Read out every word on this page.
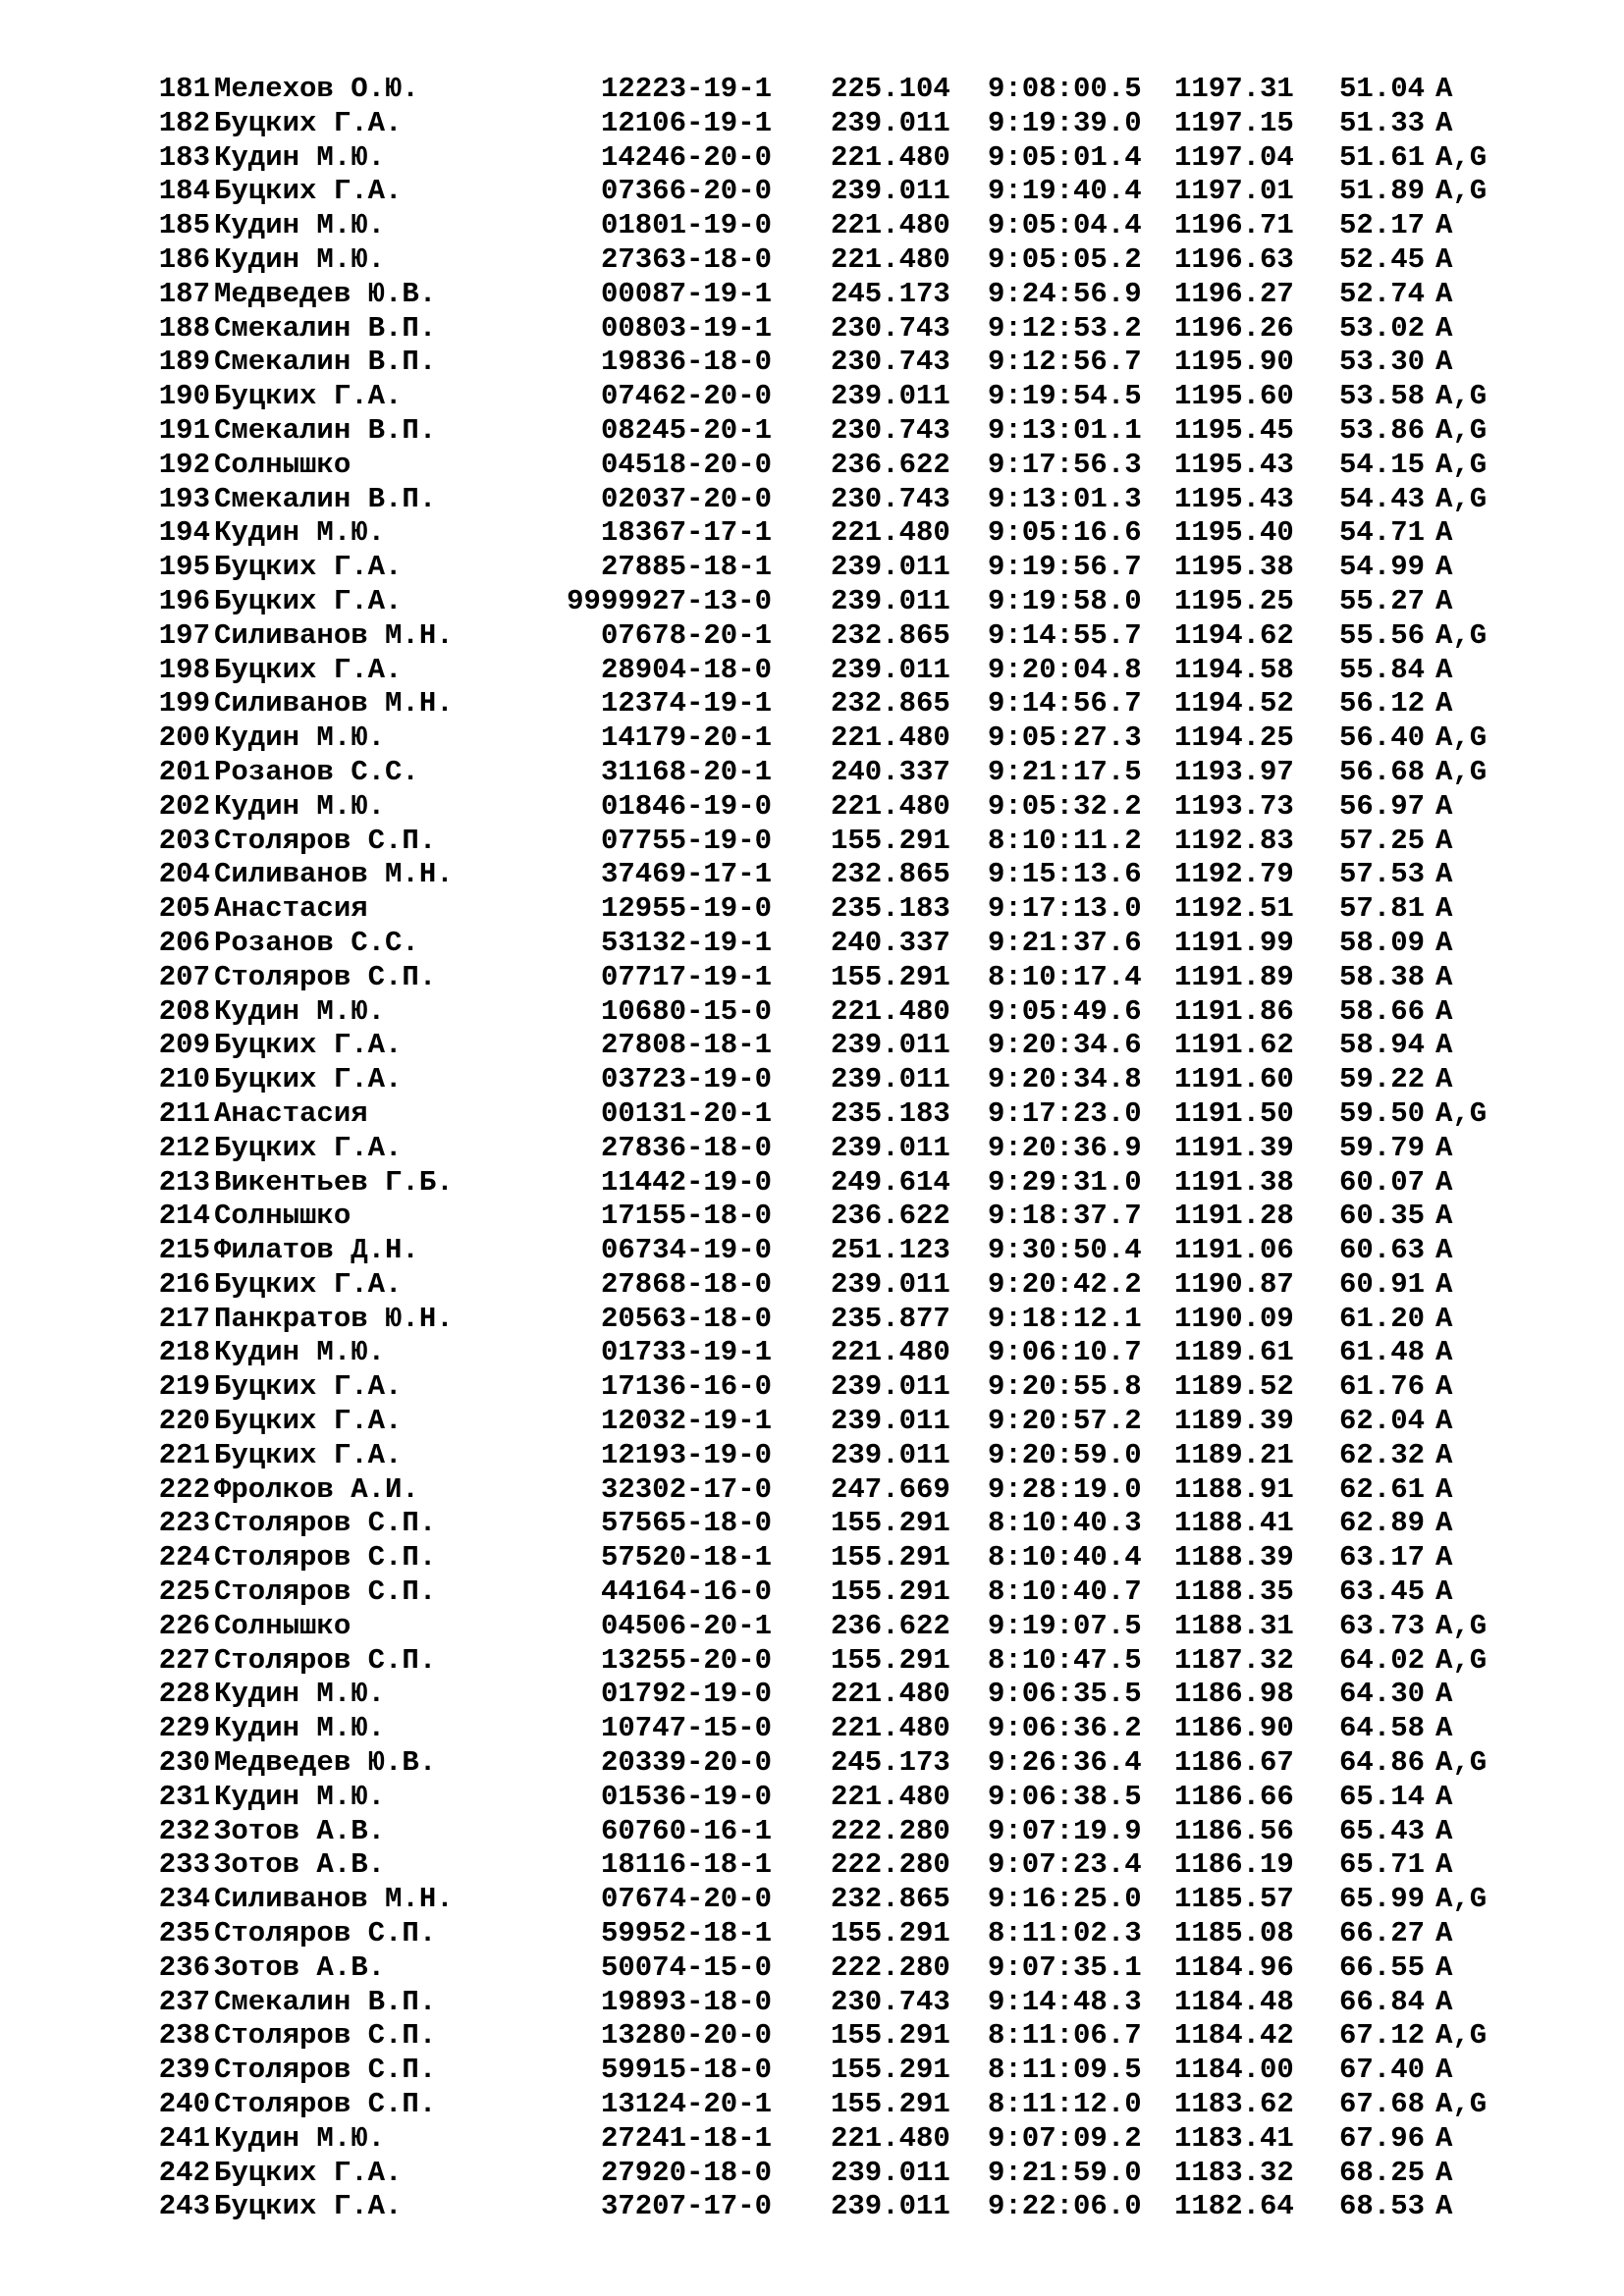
181 Мелехов О.Ю.	12223-19-1 225.104 9:08:00.5 1197.31 51.04 A
182 Буцких Г.А.	12106-19-1 239.011 9:19:39.0 1197.15 51.33 A
183 Кудин М.Ю.	14246-20-0 221.480 9:05:01.4 1197.04 51.61 A,G
184 Буцких Г.А.	07366-20-0 239.011 9:19:40.4 1197.01 51.89 A,G
185 Кудин М.Ю.	01801-19-0 221.480 9:05:04.4 1196.71 52.17 A
186 Кудин М.Ю.	27363-18-0 221.480 9:05:05.2 1196.63 52.45 A
187 Медведев Ю.В.	00087-19-1 245.173 9:24:56.9 1196.27 52.74 A
188 Смекалин В.П.	00803-19-1 230.743 9:12:53.2 1196.26 53.02 A
189 Смекалин В.П.	19836-18-0 230.743 9:12:56.7 1195.90 53.30 A
190 Буцких Г.А.	07462-20-0 239.011 9:19:54.5 1195.60 53.58 A,G
191 Смекалин В.П.	08245-20-1 230.743 9:13:01.1 1195.45 53.86 A,G
192 Солнышко	04518-20-0 236.622 9:17:56.3 1195.43 54.15 A,G
193 Смекалин В.П.	02037-20-0 230.743 9:13:01.3 1195.43 54.43 A,G
194 Кудин М.Ю.	18367-17-1 221.480 9:05:16.6 1195.40 54.71 A
195 Буцких Г.А.	27885-18-1 239.011 9:19:56.7 1195.38 54.99 A
196 Буцких Г.А.	9999927-13-0 239.011 9:19:58.0 1195.25 55.27 A
197 Силиванов М.Н.	07678-20-1 232.865 9:14:55.7 1194.62 55.56 A,G
198 Буцких Г.А.	28904-18-0 239.011 9:20:04.8 1194.58 55.84 A
199 Силиванов М.Н.	12374-19-1 232.865 9:14:56.7 1194.52 56.12 A
200 Кудин М.Ю.	14179-20-1 221.480 9:05:27.3 1194.25 56.40 A,G
201 Розанов С.С.	31168-20-1 240.337 9:21:17.5 1193.97 56.68 A,G
202 Кудин М.Ю.	01846-19-0 221.480 9:05:32.2 1193.73 56.97 A
203 Столяров С.П.	07755-19-0 155.291 8:10:11.2 1192.83 57.25 A
204 Силиванов М.Н.	37469-17-1 232.865 9:15:13.6 1192.79 57.53 A
205 Анастасия	12955-19-0 235.183 9:17:13.0 1192.51 57.81 A
206 Розанов С.С.	53132-19-1 240.337 9:21:37.6 1191.99 58.09 A
207 Столяров С.П.	07717-19-1 155.291 8:10:17.4 1191.89 58.38 A
208 Кудин М.Ю.	10680-15-0 221.480 9:05:49.6 1191.86 58.66 A
209 Буцких Г.А.	27808-18-1 239.011 9:20:34.6 1191.62 58.94 A
210 Буцких Г.А.	03723-19-0 239.011 9:20:34.8 1191.60 59.22 A
211 Анастасия	00131-20-1 235.183 9:17:23.0 1191.50 59.50 A,G
212 Буцких Г.А.	27836-18-0 239.011 9:20:36.9 1191.39 59.79 A
213 Викентьев Г.Б.	11442-19-0 249.614 9:29:31.0 1191.38 60.07 A
214 Солнышко	17155-18-0 236.622 9:18:37.7 1191.28 60.35 A
215 Филатов Д.Н.	06734-19-0 251.123 9:30:50.4 1191.06 60.63 A
216 Буцких Г.А.	27868-18-0 239.011 9:20:42.2 1190.87 60.91 A
217 Панкратов Ю.Н.	20563-18-0 235.877 9:18:12.1 1190.09 61.20 A
218 Кудин М.Ю.	01733-19-1 221.480 9:06:10.7 1189.61 61.48 A
219 Буцких Г.А.	17136-16-0 239.011 9:20:55.8 1189.52 61.76 A
220 Буцких Г.А.	12032-19-1 239.011 9:20:57.2 1189.39 62.04 A
221 Буцких Г.А.	12193-19-0 239.011 9:20:59.0 1189.21 62.32 A
222 Фролков А.И.	32302-17-0 247.669 9:28:19.0 1188.91 62.61 A
223 Столяров С.П.	57565-18-0 155.291 8:10:40.3 1188.41 62.89 A
224 Столяров С.П.	57520-18-1 155.291 8:10:40.4 1188.39 63.17 A
225 Столяров С.П.	44164-16-0 155.291 8:10:40.7 1188.35 63.45 A
226 Солнышко	04506-20-1 236.622 9:19:07.5 1188.31 63.73 A,G
227 Столяров С.П.	13255-20-0 155.291 8:10:47.5 1187.32 64.02 A,G
228 Кудин М.Ю.	01792-19-0 221.480 9:06:35.5 1186.98 64.30 A
229 Кудин М.Ю.	10747-15-0 221.480 9:06:36.2 1186.90 64.58 A
230 Медведев Ю.В.	20339-20-0 245.173 9:26:36.4 1186.67 64.86 A,G
231 Кудин М.Ю.	01536-19-0 221.480 9:06:38.5 1186.66 65.14 A
232 Зотов А.В.	60760-16-1 222.280 9:07:19.9 1186.56 65.43 A
233 Зотов А.В.	18116-18-1 222.280 9:07:23.4 1186.19 65.71 A
234 Силиванов М.Н.	07674-20-0 232.865 9:16:25.0 1185.57 65.99 A,G
235 Столяров С.П.	59952-18-1 155.291 8:11:02.3 1185.08 66.27 A
236 Зотов А.В.	50074-15-0 222.280 9:07:35.1 1184.96 66.55 A
237 Смекалин В.П.	19893-18-0 230.743 9:14:48.3 1184.48 66.84 A
238 Столяров С.П.	13280-20-0 155.291 8:11:06.7 1184.42 67.12 A,G
239 Столяров С.П.	59915-18-0 155.291 8:11:09.5 1184.00 67.40 A
240 Столяров С.П.	13124-20-1 155.291 8:11:12.0 1183.62 67.68 A,G
241 Кудин М.Ю.	27241-18-1 221.480 9:07:09.2 1183.41 67.96 A
242 Буцких Г.А.	27920-18-0 239.011 9:21:59.0 1183.32 68.25 A
243 Буцких Г.А.	37207-17-0 239.011 9:22:06.0 1182.64 68.53 A
